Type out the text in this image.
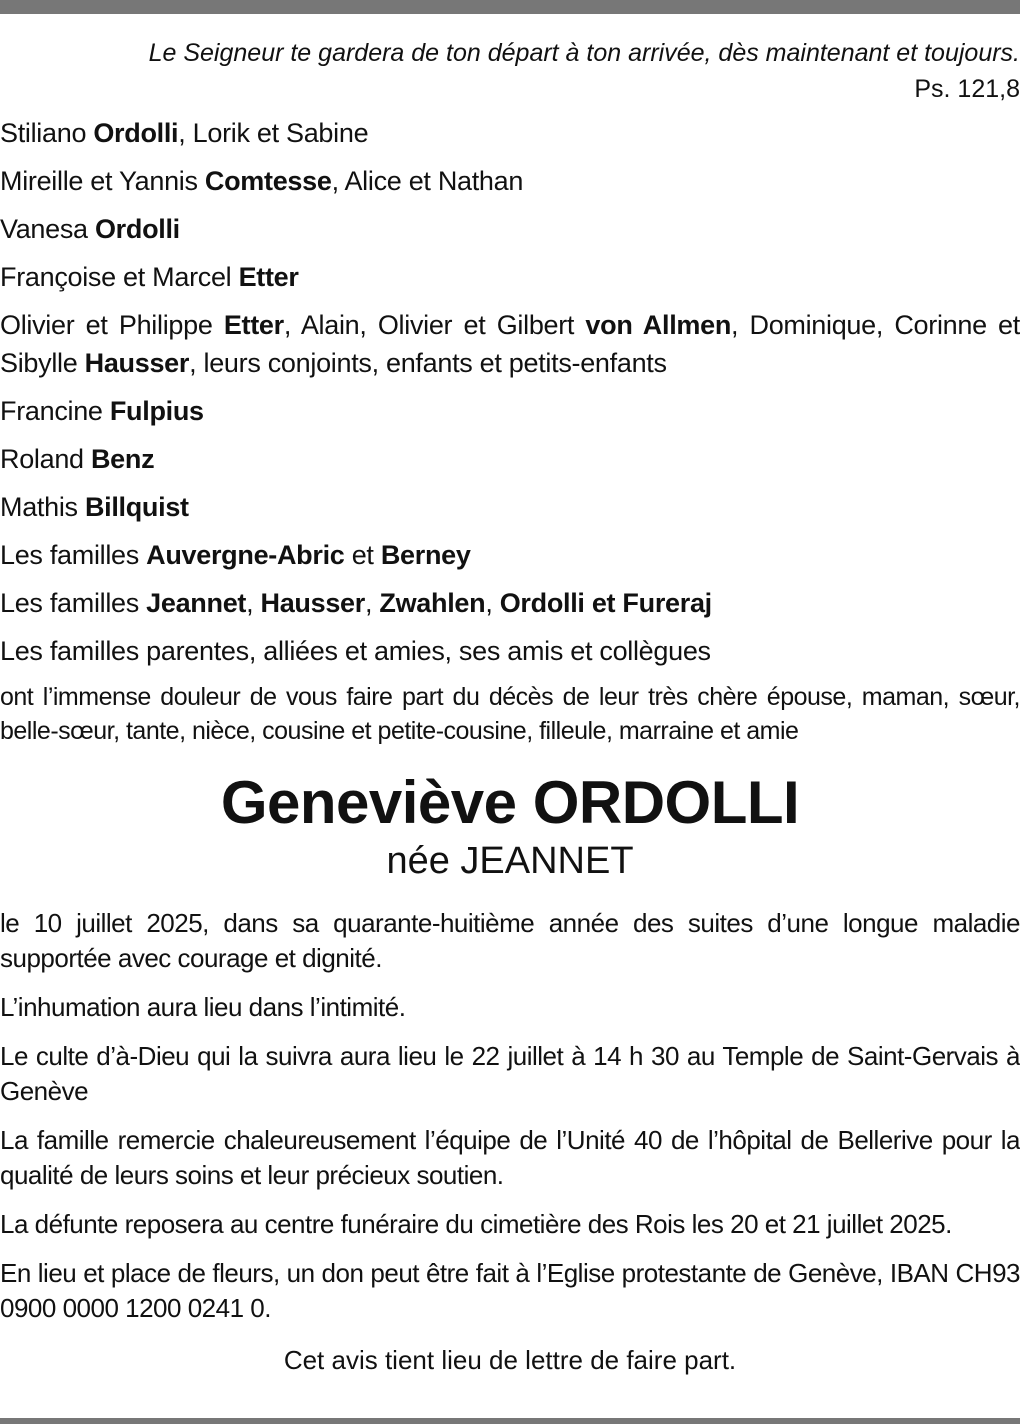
Le Seigneur te gardera de ton départ à ton arrivée, dès maintenant et toujours.

Ps. 121,8

Stiliano Ordolli, Lorik et Sabine

Mireille et Yannis Comtesse, Alice et Nathan

Vanesa Ordolli

Françoise et Marcel Etter

Olivier et Philippe Etter, Alain, Olivier et Gilbert von Allmen, Dominique, Corinne et Sibylle Hausser, leurs conjoints, enfants et petits-enfants

Francine Fulpius

Roland Benz

Mathis Billquist

Les familles Auvergne-Abric et Berney

Les familles Jeannet, Hausser, Zwahlen, Ordolli et Fureraj

Les familles parentes, alliées et amies, ses amis et collègues

ont l’immense douleur de vous faire part du décès de leur très chère épouse, maman, sœur, belle-sœur, tante, nièce, cousine et petite-cousine, filleule, marraine et amie

Geneviève ORDOLLI

née JEANNET

le 10 juillet 2025, dans sa quarante-huitième année des suites d’une longue maladie supportée avec courage et dignité.

L’inhumation aura lieu dans l’intimité.

Le culte d’à-Dieu qui la suivra aura lieu le 22 juillet à 14 h 30 au Temple de Saint-Gervais à Genève

La famille remercie chaleureusement l’équipe de l’Unité 40 de l’hôpital de Bellerive pour la qualité de leurs soins et leur précieux soutien.

La défunte reposera au centre funéraire du cimetière des Rois les 20 et 21 juillet 2025.

En lieu et place de fleurs, un don peut être fait à l’Eglise protestante de Genève, IBAN CH93 0900 0000 1200 0241 0.

Cet avis tient lieu de lettre de faire part.
